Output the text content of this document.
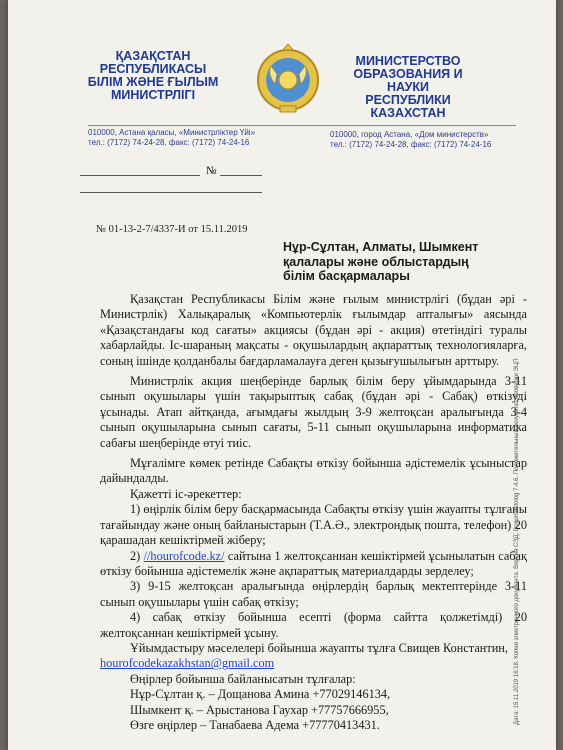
ҚАЗАҚСТАН
РЕСПУБЛИКАСЫ
БІЛІМ ЖӘНЕ ҒЫЛЫМ
МИНИСТРЛІГІ
МИНИСТЕРСТВО
ОБРАЗОВАНИЯ И НАУКИ
РЕСПУБЛИКИ
КАЗАХСТАН
010000, Астана қаласы, «Министрліктер Үйі»
тел.: (7172) 74-24-28, факс: (7172) 74-24-16
010000, город Астана, «Дом министерств»
тел.: (7172) 74-24-28, факс: (7172) 74-24-16
№
№ 01-13-2-7/4337-И от 15.11.2019
Нұр-Сұлтан, Алматы, Шымкент
қалалары және облыстардың
білім басқармалары

Қазақстан Республикасы Білім және ғылым министрлігі (бұдан әрі - Министрлік) Халықаралық «Компьютерлік ғылымдар апталығы» аясында «Қазақстандағы код сағаты» акциясы (бұдан әрі - акция) өтетіндігі туралы хабарлайды. Іс-шараның мақсаты - оқушылардың ақпараттық технологияларға, соның ішінде қолданбалы бағдарламалауға деген қызығушылығын арттыру.

Министрлік акция шеңберінде барлық білім беру ұйымдарында 3-11 сынып оқушылары үшін тақырыптық сабақ (бұдан әрі - Сабақ) өткізуді ұсынады. Атап айтқанда, ағымдағы жылдың 3-9 желтоқсан аралығында 3-4 сынып оқушыларына сынып сағаты, 5-11 сынып оқушыларына информатика сабағы шеңберінде өтуі тиіс.

Мұғалімге көмек ретінде Сабақты өткізу бойынша әдістемелік ұсыныстар дайындалды.

Қажетті іс-әрекеттер:

1) өңірлік білім беру басқармасында Сабақты өткізу үшін жауапты тұлғаны тағайындау және оның байланыстарын (Т.А.Ә., электрондық пошта, телефон) 20 қарашадан кешіктірмей жіберу;

2) //hourofcode.kz/ сайтына 1 желтоқсаннан кешіктірмей ұсынылатын сабақ өткізу бойынша әдістемелік және ақпараттық материалдарды зерделеу;

3) 9-15 желтоқсан аралығында өңірлердің барлық мектептерінде 3-11 сынып оқушылары үшін сабақ өткізу;

4) сабақ өткізу бойынша есепті (форма сайтта қолжетімді) 20 желтоқсаннан кешіктірмей ұсыну.

Ұйымдастыру мәселелері бойынша жауапты тұлға Свищев Константин,

hourofcodekazakhstan@gmail.com

Өңірлер бойынша байланысатын тұлғалар:

Нұр-Сұлтан қ. – Дощанова Амина +77029146134,

Шымкент қ. – Арыстанова Гаухар +77757666955,

Өзге өңірлер – Танабаева Адема +77770413431.	Дата: 15.11.2019 16:18. Копия электронного документа. Версия СЭД: Documentolog 7.4.6. Положительный результат проверки ЭЦП
